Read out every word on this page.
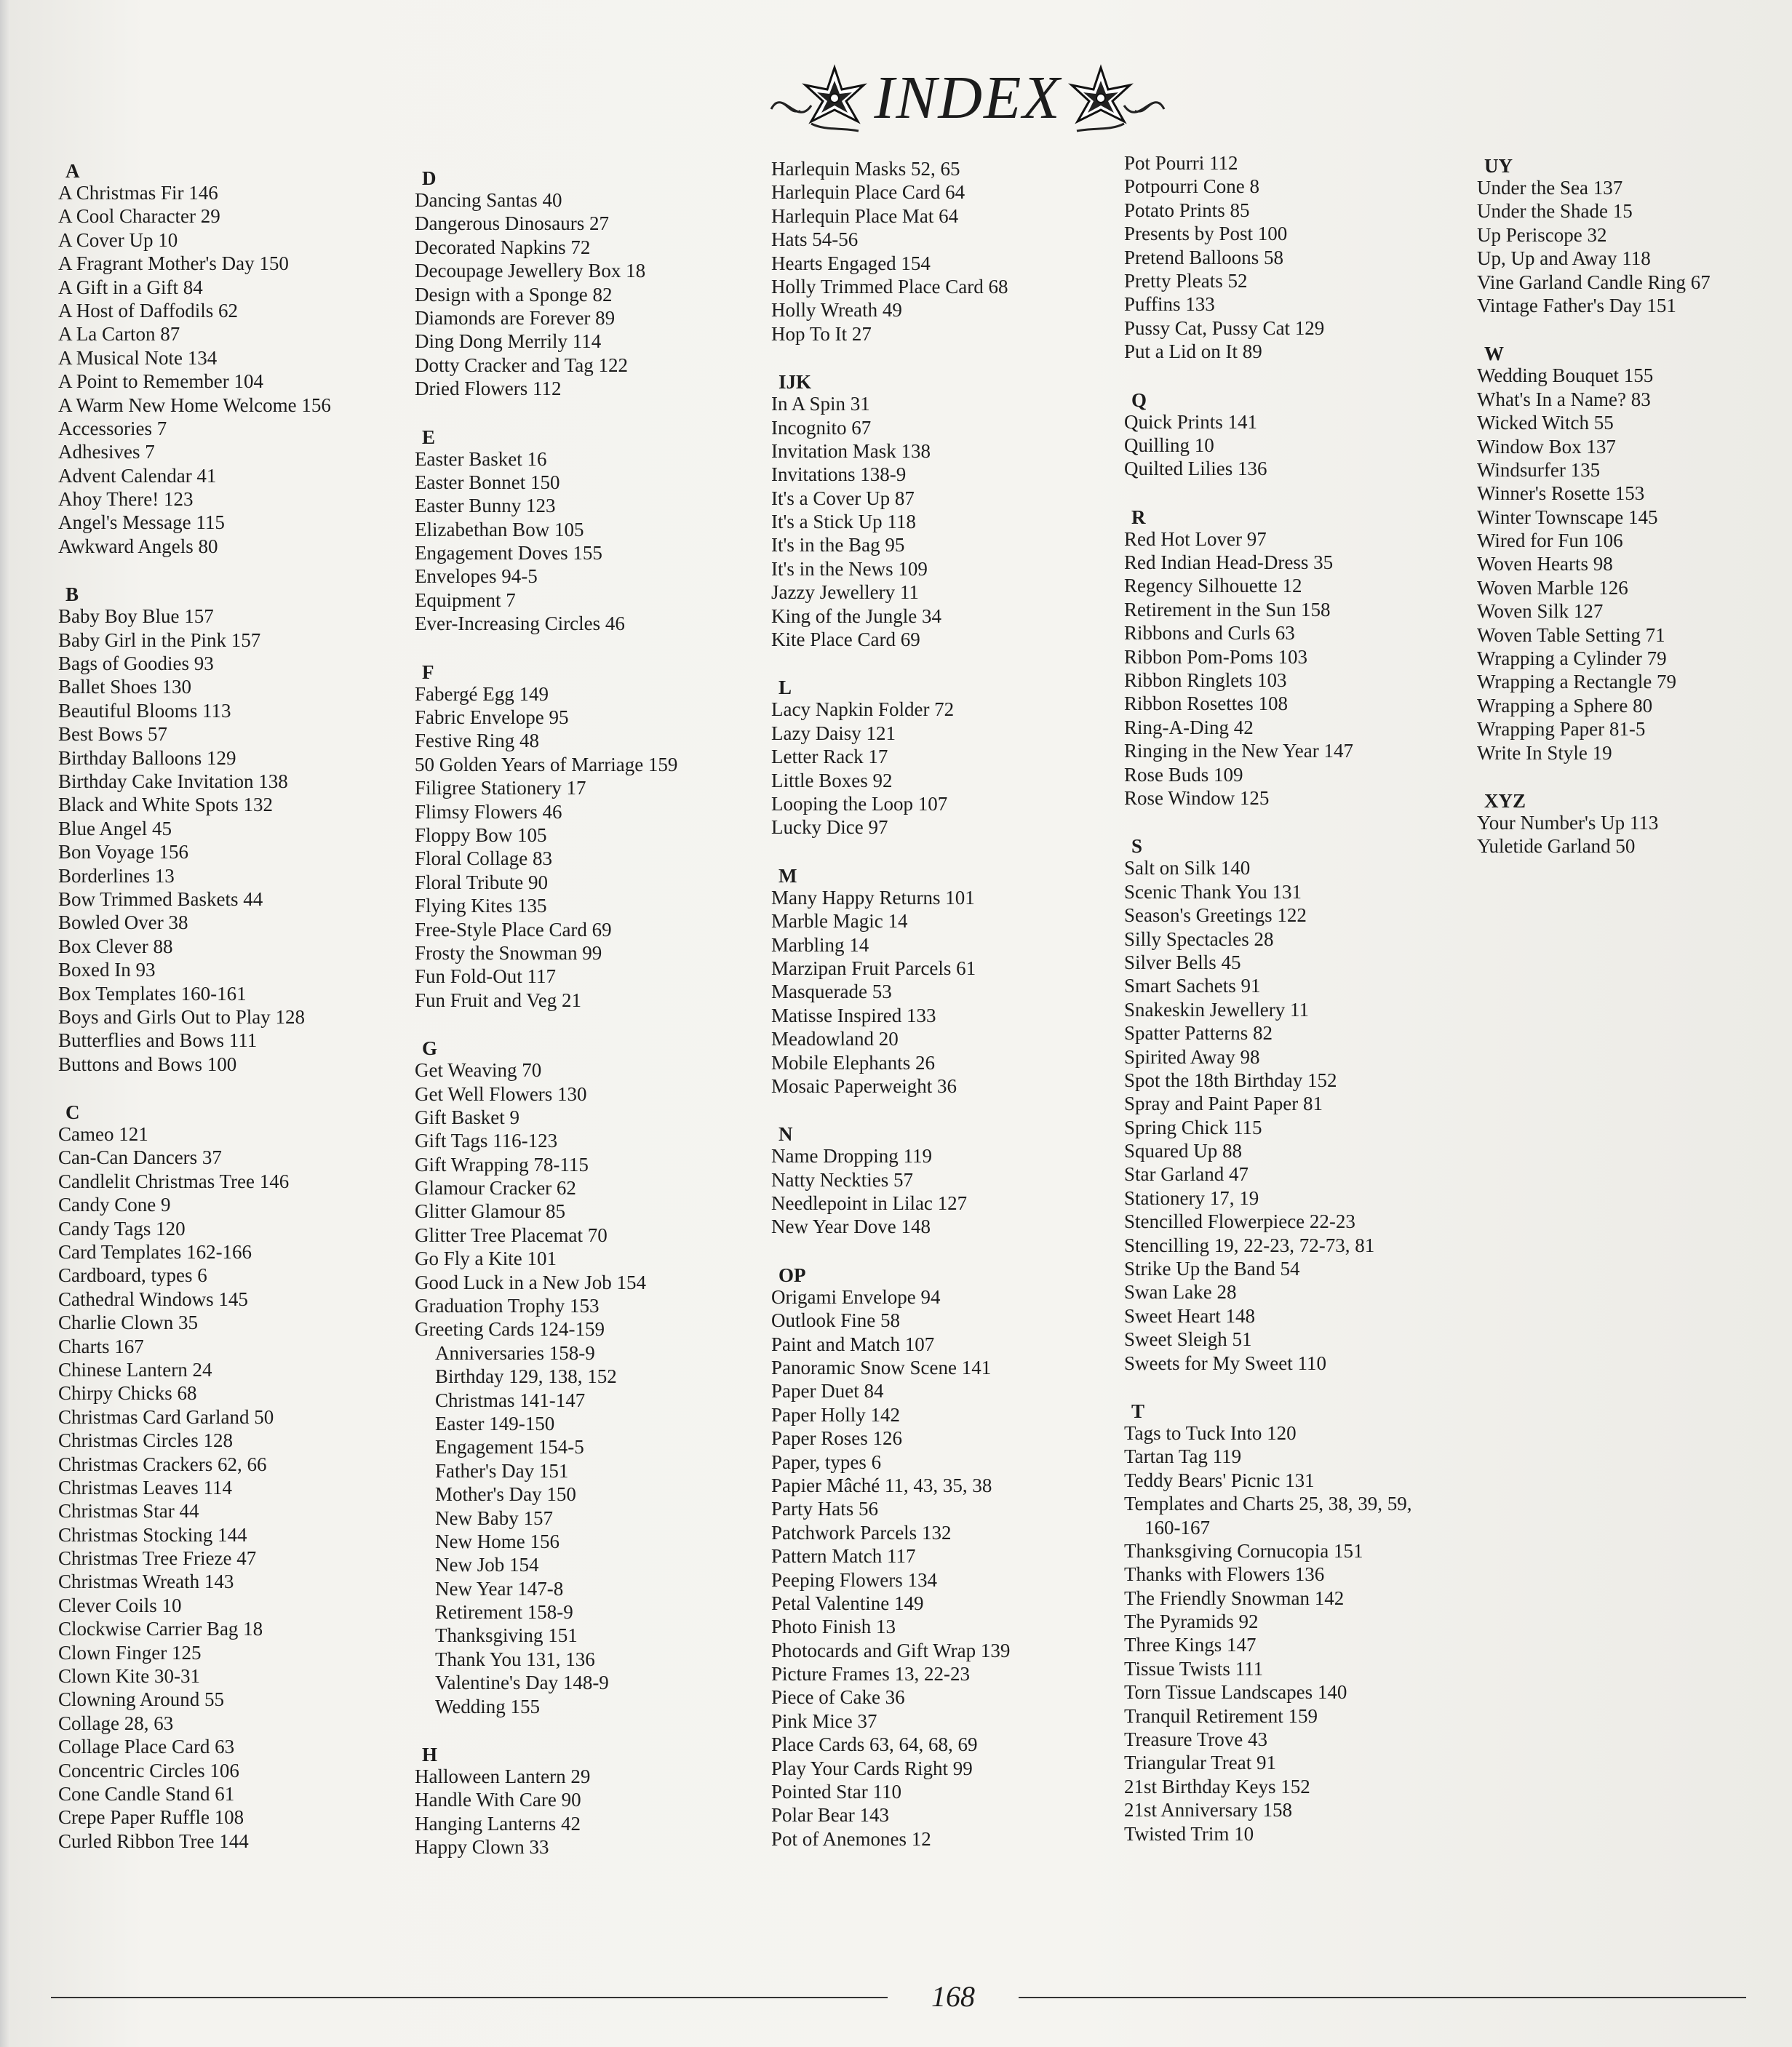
INDEX
A
A Christmas Fir 146
A Cool Character 29
A Cover Up 10
A Fragrant Mother's Day 150
A Gift in a Gift 84
A Host of Daffodils 62
A La Carton 87
A Musical Note 134
A Point to Remember 104
A Warm New Home Welcome 156
Accessories 7
Adhesives 7
Advent Calendar 41
Ahoy There! 123
Angel's Message 115
Awkward Angels 80
B
Baby Boy Blue 157
Baby Girl in the Pink 157
Bags of Goodies 93
Ballet Shoes 130
Beautiful Blooms 113
Best Bows 57
Birthday Balloons 129
Birthday Cake Invitation 138
Black and White Spots 132
Blue Angel 45
Bon Voyage 156
Borderlines 13
Bow Trimmed Baskets 44
Bowled Over 38
Box Clever 88
Boxed In 93
Box Templates 160-161
Boys and Girls Out to Play 128
Butterflies and Bows 111
Buttons and Bows 100
C
Cameo 121
Can-Can Dancers 37
Candlelit Christmas Tree 146
Candy Cone 9
Candy Tags 120
Card Templates 162-166
Cardboard, types 6
Cathedral Windows 145
Charlie Clown 35
Charts 167
Chinese Lantern 24
Chirpy Chicks 68
Christmas Card Garland 50
Christmas Circles 128
Christmas Crackers 62, 66
Christmas Leaves 114
Christmas Star 44
Christmas Stocking 144
Christmas Tree Frieze 47
Christmas Wreath 143
Clever Coils 10
Clockwise Carrier Bag 18
Clown Finger 125
Clown Kite 30-31
Clowning Around 55
Collage 28, 63
Collage Place Card 63
Concentric Circles 106
Cone Candle Stand 61
Crepe Paper Ruffle 108
Curled Ribbon Tree 144
D
Dancing Santas 40
Dangerous Dinosaurs 27
Decorated Napkins 72
Decoupage Jewellery Box 18
Design with a Sponge 82
Diamonds are Forever 89
Ding Dong Merrily 114
Dotty Cracker and Tag 122
Dried Flowers 112
E
Easter Basket 16
Easter Bonnet 150
Easter Bunny 123
Elizabethan Bow 105
Engagement Doves 155
Envelopes 94-5
Equipment 7
Ever-Increasing Circles 46
F
Fabergé Egg 149
Fabric Envelope 95
Festive Ring 48
50 Golden Years of Marriage 159
Filigree Stationery 17
Flimsy Flowers 46
Floppy Bow 105
Floral Collage 83
Floral Tribute 90
Flying Kites 135
Free-Style Place Card 69
Frosty the Snowman 99
Fun Fold-Out 117
Fun Fruit and Veg 21
G
Get Weaving 70
Get Well Flowers 130
Gift Basket 9
Gift Tags 116-123
Gift Wrapping 78-115
Glamour Cracker 62
Glitter Glamour 85
Glitter Tree Placemat 70
Go Fly a Kite 101
Good Luck in a New Job 154
Graduation Trophy 153
Greeting Cards 124-159
Anniversaries 158-9
Birthday 129, 138, 152
Christmas 141-147
Easter 149-150
Engagement 154-5
Father's Day 151
Mother's Day 150
New Baby 157
New Home 156
New Job 154
New Year 147-8
Retirement 158-9
Thanksgiving 151
Thank You 131, 136
Valentine's Day 148-9
Wedding 155
H
Halloween Lantern 29
Handle With Care 90
Hanging Lanterns 42
Happy Clown 33
Harlequin Masks 52, 65
Harlequin Place Card 64
Harlequin Place Mat 64
Hats 54-56
Hearts Engaged 154
Holly Trimmed Place Card 68
Holly Wreath 49
Hop To It 27
IJK
In A Spin 31
Incognito 67
Invitation Mask 138
Invitations 138-9
It's a Cover Up 87
It's a Stick Up 118
It's in the Bag 95
It's in the News 109
Jazzy Jewellery 11
King of the Jungle 34
Kite Place Card 69
L
Lacy Napkin Folder 72
Lazy Daisy 121
Letter Rack 17
Little Boxes 92
Looping the Loop 107
Lucky Dice 97
M
Many Happy Returns 101
Marble Magic 14
Marbling 14
Marzipan Fruit Parcels 61
Masquerade 53
Matisse Inspired 133
Meadowland 20
Mobile Elephants 26
Mosaic Paperweight 36
N
Name Dropping 119
Natty Neckties 57
Needlepoint in Lilac 127
New Year Dove 148
OP
Origami Envelope 94
Outlook Fine 58
Paint and Match 107
Panoramic Snow Scene 141
Paper Duet 84
Paper Holly 142
Paper Roses 126
Paper, types 6
Papier Mâché 11, 43, 35, 38
Party Hats 56
Patchwork Parcels 132
Pattern Match 117
Peeping Flowers 134
Petal Valentine 149
Photo Finish 13
Photocards and Gift Wrap 139
Picture Frames 13, 22-23
Piece of Cake 36
Pink Mice 37
Place Cards 63, 64, 68, 69
Play Your Cards Right 99
Pointed Star 110
Polar Bear 143
Pot of Anemones 12
Pot Pourri 112
Potpourri Cone 8
Potato Prints 85
Presents by Post 100
Pretend Balloons 58
Pretty Pleats 52
Puffins 133
Pussy Cat, Pussy Cat 129
Put a Lid on It 89
Q
Quick Prints 141
Quilling 10
Quilted Lilies 136
R
Red Hot Lover 97
Red Indian Head-Dress 35
Regency Silhouette 12
Retirement in the Sun 158
Ribbons and Curls 63
Ribbon Pom-Poms 103
Ribbon Ringlets 103
Ribbon Rosettes 108
Ring-A-Ding 42
Ringing in the New Year 147
Rose Buds 109
Rose Window 125
S
Salt on Silk 140
Scenic Thank You 131
Season's Greetings 122
Silly Spectacles 28
Silver Bells 45
Smart Sachets 91
Snakeskin Jewellery 11
Spatter Patterns 82
Spirited Away 98
Spot the 18th Birthday 152
Spray and Paint Paper 81
Spring Chick 115
Squared Up 88
Star Garland 47
Stationery 17, 19
Stencilled Flowerpiece 22-23
Stencilling 19, 22-23, 72-73, 81
Strike Up the Band 54
Swan Lake 28
Sweet Heart 148
Sweet Sleigh 51
Sweets for My Sweet 110
T
Tags to Tuck Into 120
Tartan Tag 119
Teddy Bears' Picnic 131
Templates and Charts 25, 38, 39, 59,
160-167
Thanksgiving Cornucopia 151
Thanks with Flowers 136
The Friendly Snowman 142
The Pyramids 92
Three Kings 147
Tissue Twists 111
Torn Tissue Landscapes 140
Tranquil Retirement 159
Treasure Trove 43
Triangular Treat 91
21st Birthday Keys 152
21st Anniversary 158
Twisted Trim 10
UY
Under the Sea 137
Under the Shade 15
Up Periscope 32
Up, Up and Away 118
Vine Garland Candle Ring 67
Vintage Father's Day 151
W
Wedding Bouquet 155
What's In a Name? 83
Wicked Witch 55
Window Box 137
Windsurfer 135
Winner's Rosette 153
Winter Townscape 145
Wired for Fun 106
Woven Hearts 98
Woven Marble 126
Woven Silk 127
Woven Table Setting 71
Wrapping a Cylinder 79
Wrapping a Rectangle 79
Wrapping a Sphere 80
Wrapping Paper 81-5
Write In Style 19
XYZ
Your Number's Up 113
Yuletide Garland 50
168
